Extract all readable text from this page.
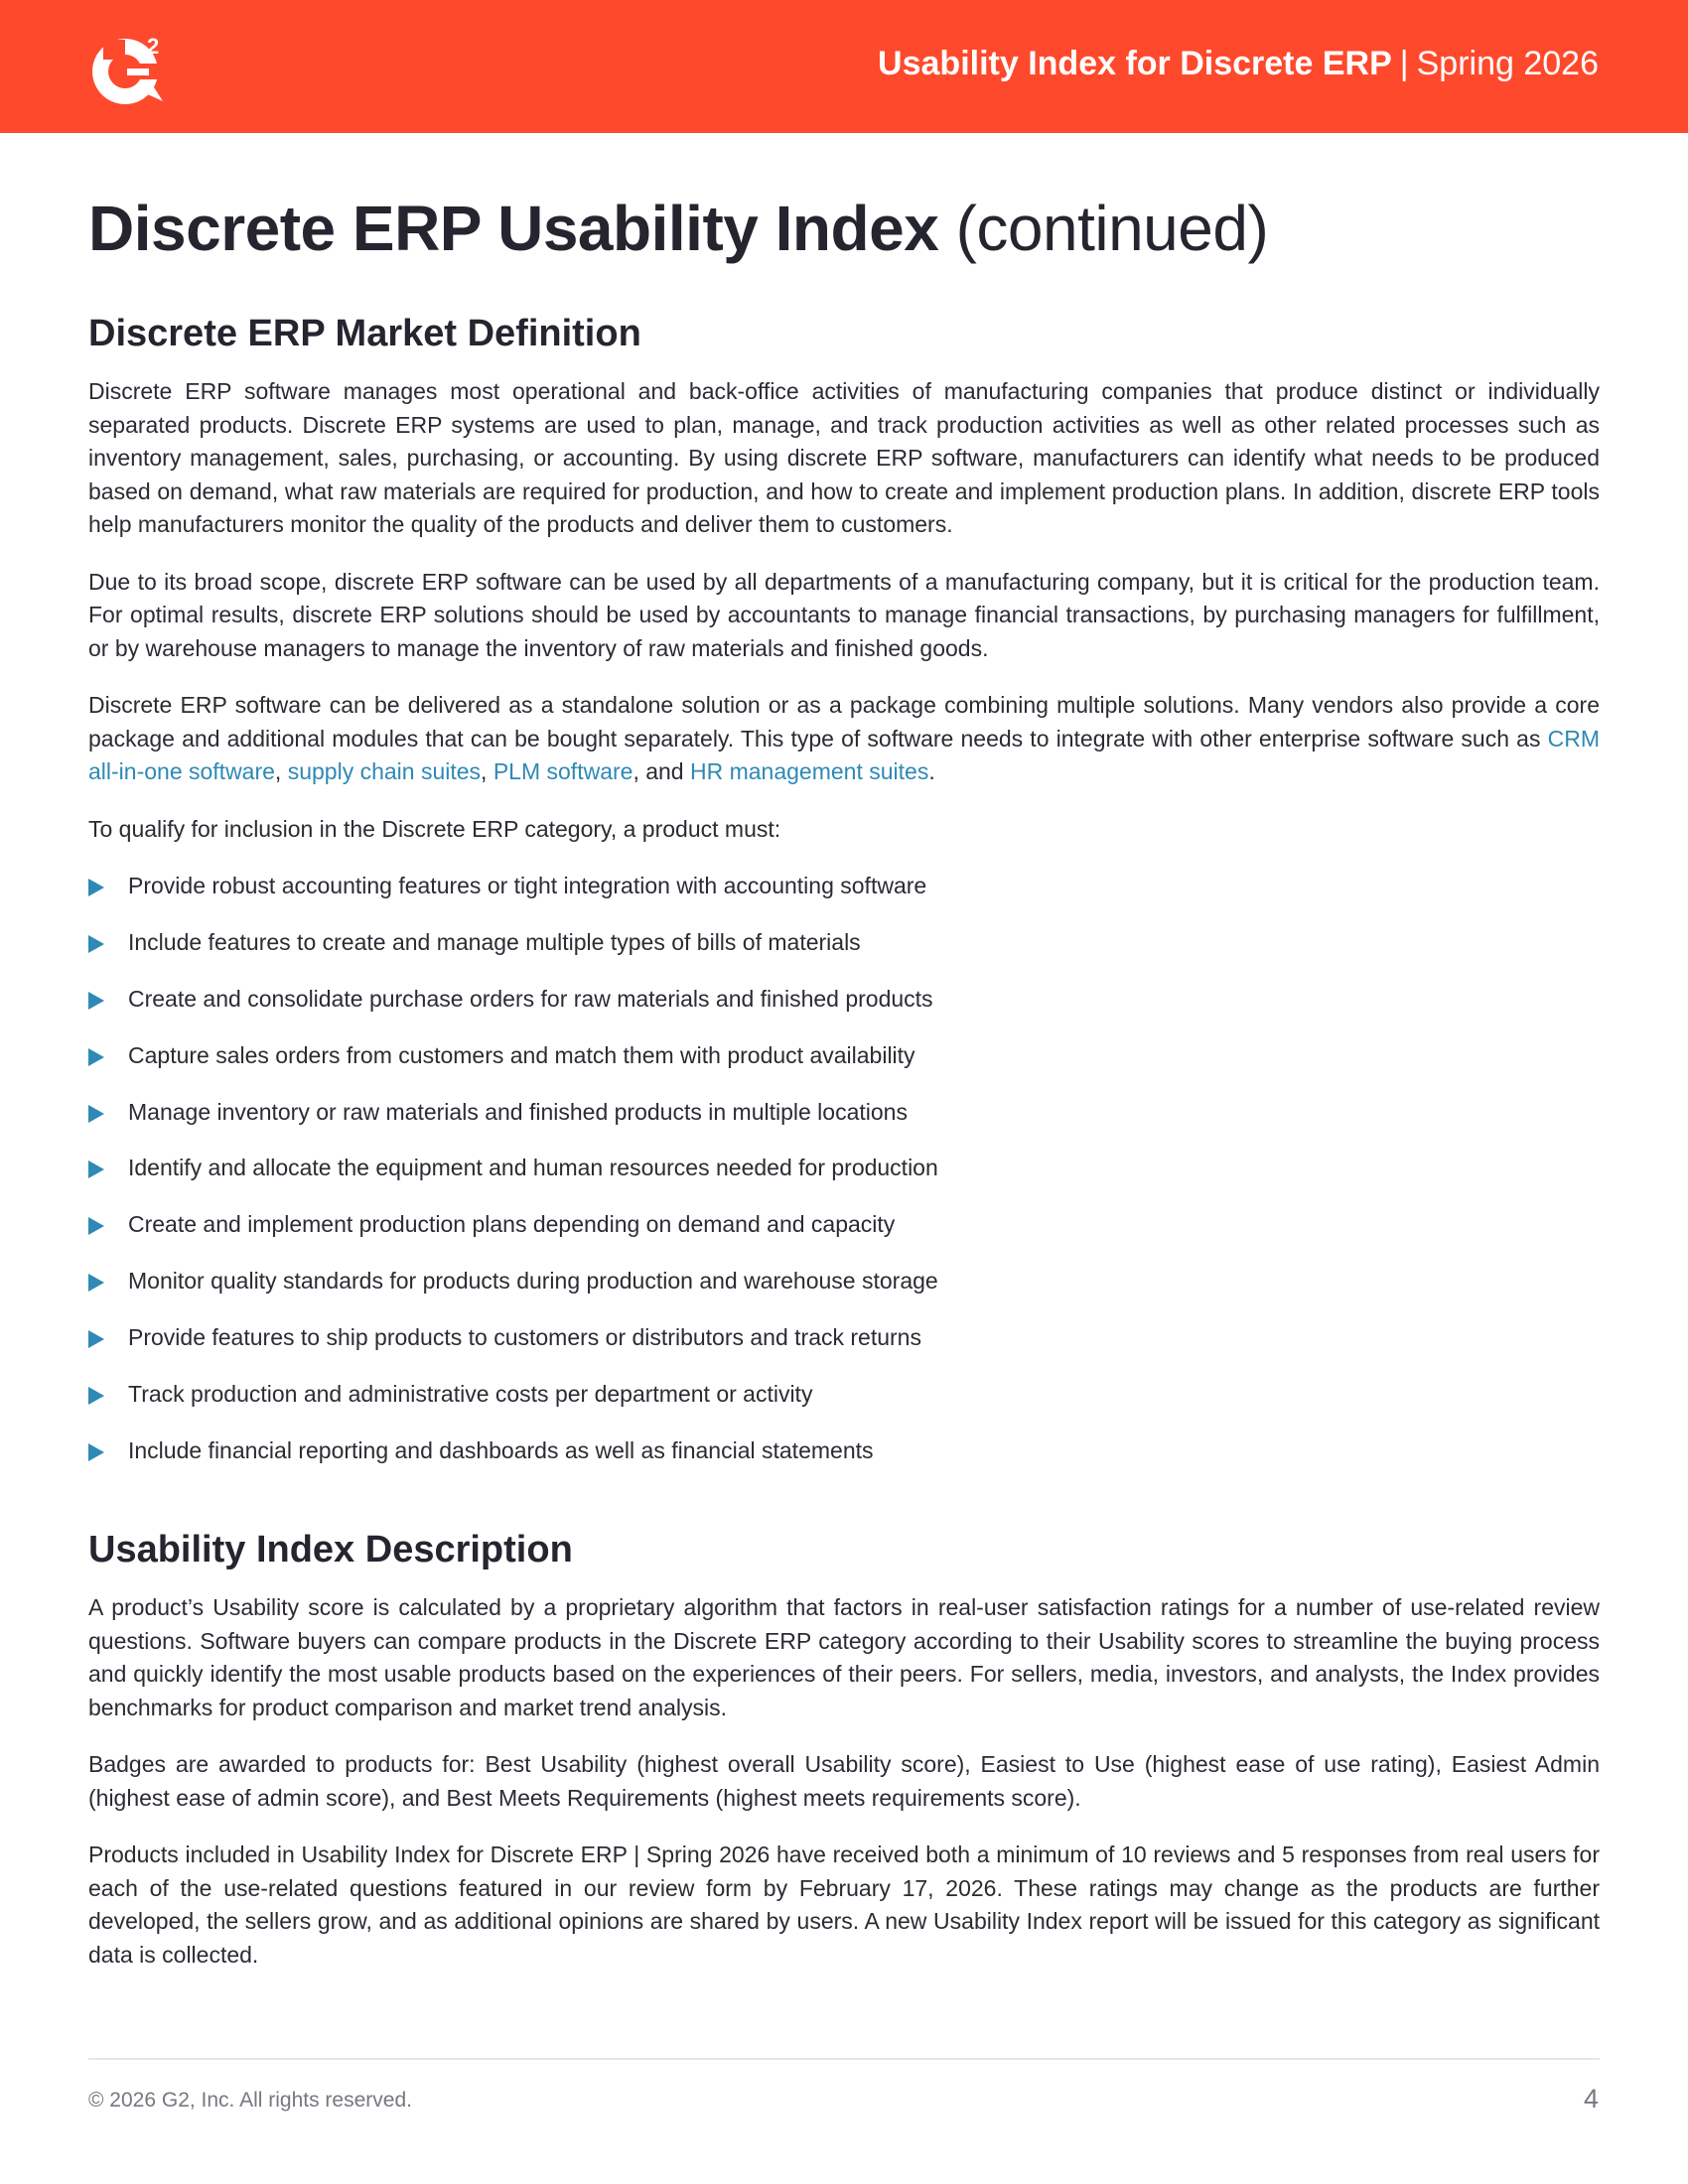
2	Usability Index for Discrete ERP | Spring 2026
Discrete ERP Usability Index (continued)
Discrete ERP Market Definition

Discrete ERP software manages most operational and back-office activities of manufacturing companies that produce distinct or individually separated products. Discrete ERP systems are used to plan, manage, and track production activities as well as other related processes such as inventory management, sales, purchasing, or accounting. By using discrete ERP software, manufacturers can identify what needs to be produced based on demand, what raw materials are required for production, and how to create and implement production plans. In addition, discrete ERP tools help manufacturers monitor the quality of the products and deliver them to customers.

Due to its broad scope, discrete ERP software can be used by all departments of a manufacturing company, but it is critical for the production team. For optimal results, discrete ERP solutions should be used by accountants to manage financial transactions, by purchasing managers for fulfillment, or by warehouse managers to manage the inventory of raw materials and finished goods.

Discrete ERP software can be delivered as a standalone solution or as a package combining multiple solutions. Many vendors also provide a core package and additional modules that can be bought separately. This type of software needs to integrate with other enterprise software such as CRM all-in-one software, supply chain suites, PLM software, and HR management suites.

To qualify for inclusion in the Discrete ERP category, a product must:

Provide robust accounting features or tight integration with accounting software
Include features to create and manage multiple types of bills of materials
Create and consolidate purchase orders for raw materials and finished products
Capture sales orders from customers and match them with product availability
Manage inventory or raw materials and finished products in multiple locations
Identify and allocate the equipment and human resources needed for production
Create and implement production plans depending on demand and capacity
Monitor quality standards for products during production and warehouse storage
Provide features to ship products to customers or distributors and track returns
Track production and administrative costs per department or activity
Include financial reporting and dashboards as well as financial statements
Usability Index Description

A product’s Usability score is calculated by a proprietary algorithm that factors in real-user satisfaction ratings for a number of use-related review questions. Software buyers can compare products in the Discrete ERP category according to their Usability scores to streamline the buying process and quickly identify the most usable products based on the experiences of their peers. For sellers, media, investors, and analysts, the Index provides benchmarks for product comparison and market trend analysis.

Badges are awarded to products for: Best Usability (highest overall Usability score), Easiest to Use (highest ease of use rating), Easiest Admin (highest ease of admin score), and Best Meets Requirements (highest meets requirements score).

Products included in Usability Index for Discrete ERP | Spring 2026 have received both a minimum of 10 reviews and 5 responses from real users for each of the use-related questions featured in our review form by February 17, 2026. These ratings may change as the products are further developed, the sellers grow, and as additional opinions are shared by users. A new Usability Index report will be issued for this category as significant data is collected.

© 2026 G2, Inc. All rights reserved.	4
